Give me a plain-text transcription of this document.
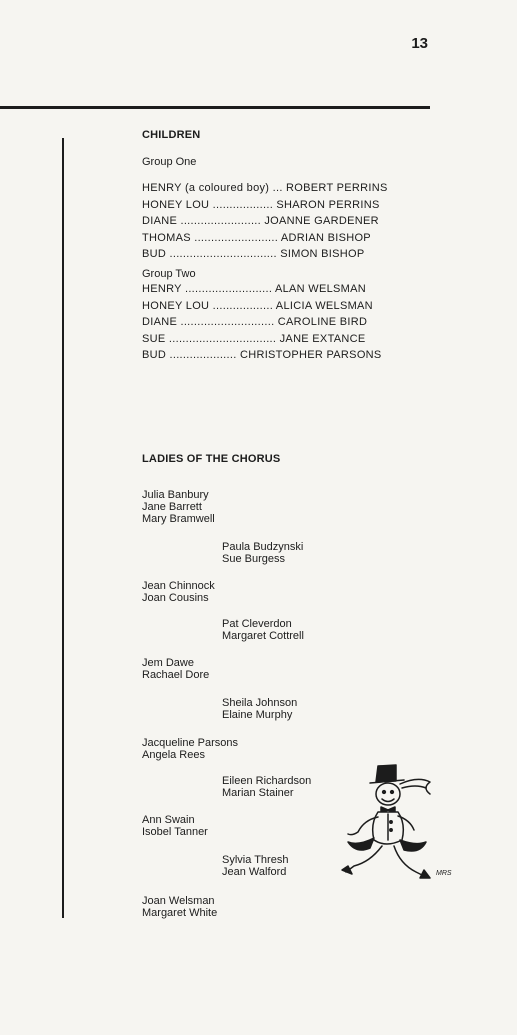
13
CHILDREN
Group One
HENRY (a coloured boy) ... ROBERT PERRINS
HONEY LOU .................. SHARON PERRINS
DIANE ........................ JOANNE GARDENER
THOMAS ......................... ADRIAN BISHOP
BUD ................................ SIMON BISHOP
Group Two
HENRY .......................... ALAN WELSMAN
HONEY LOU .................. ALICIA WELSMAN
DIANE ............................ CAROLINE BIRD
SUE ................................ JANE EXTANCE
BUD .................... CHRISTOPHER PARSONS
LADIES OF THE CHORUS
Julia Banbury
Jane Barrett
Mary Bramwell
Paula Budzynski
Sue Burgess
Jean Chinnock
Joan Cousins
Pat Cleverdon
Margaret Cottrell
Jem Dawe
Rachael Dore
Sheila Johnson
Elaine Murphy
Jacqueline Parsons
Angela Rees
Eileen Richardson
Marian Stainer
Ann Swain
Isobel Tanner
Sylvia Thresh
Jean Walford
Joan Welsman
Margaret White
MRS
